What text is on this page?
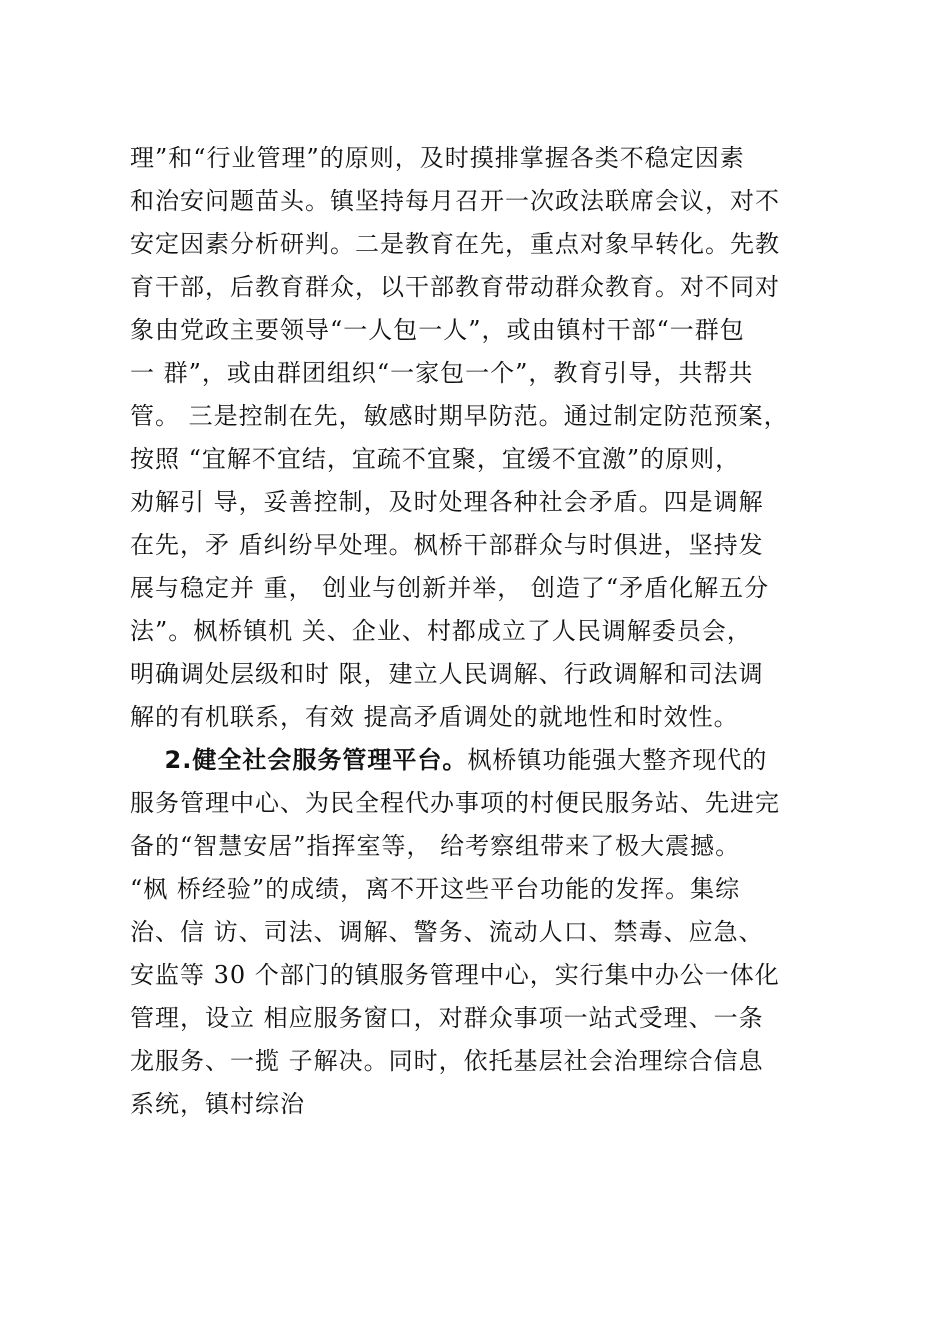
理”和“行业管理”的原则，及时摸排掌握各类不稳定因素
和治安问题苗头。镇坚持每月召开一次政法联席会议，对不
安定因素分析研判。二是教育在先，重点对象早转化。先教
育干部，后教育群众，以干部教育带动群众教育。对不同对
象由党政主要领导“一人包一人”，或由镇村干部“一群包
一 群”，或由群团组织“一家包一个”，教育引导，共帮共
管。 三是控制在先，敏感时期早防范。通过制定防范预案，
按照 “宜解不宜结，宜疏不宜聚，宜缓不宜激”的原则，
劝解引 导，妥善控制，及时处理各种社会矛盾。四是调解
在先，矛 盾纠纷早处理。枫桥干部群众与时俱进，坚持发
展与稳定并 重， 创业与创新并举， 创造了“矛盾化解五分
法”。枫桥镇机 关、企业、村都成立了人民调解委员会，
明确调处层级和时 限，建立人民调解、行政调解和司法调
解的有机联系，有效 提高矛盾调处的就地性和时效性。
2.健全社会服务管理平台。枫桥镇功能强大整齐现代的
服务管理中心、为民全程代办事项的村便民服务站、先进完
备的“智慧安居”指挥室等， 给考察组带来了极大震撼。
“枫 桥经验”的成绩，离不开这些平台功能的发挥。集综
治、信 访、司法、调解、警务、流动人口、禁毒、应急、
安监等 30 个部门的镇服务管理中心，实行集中办公一体化
管理，设立 相应服务窗口，对群众事项一站式受理、一条
龙服务、一揽 子解决。同时，依托基层社会治理综合信息
系统，镇村综治
